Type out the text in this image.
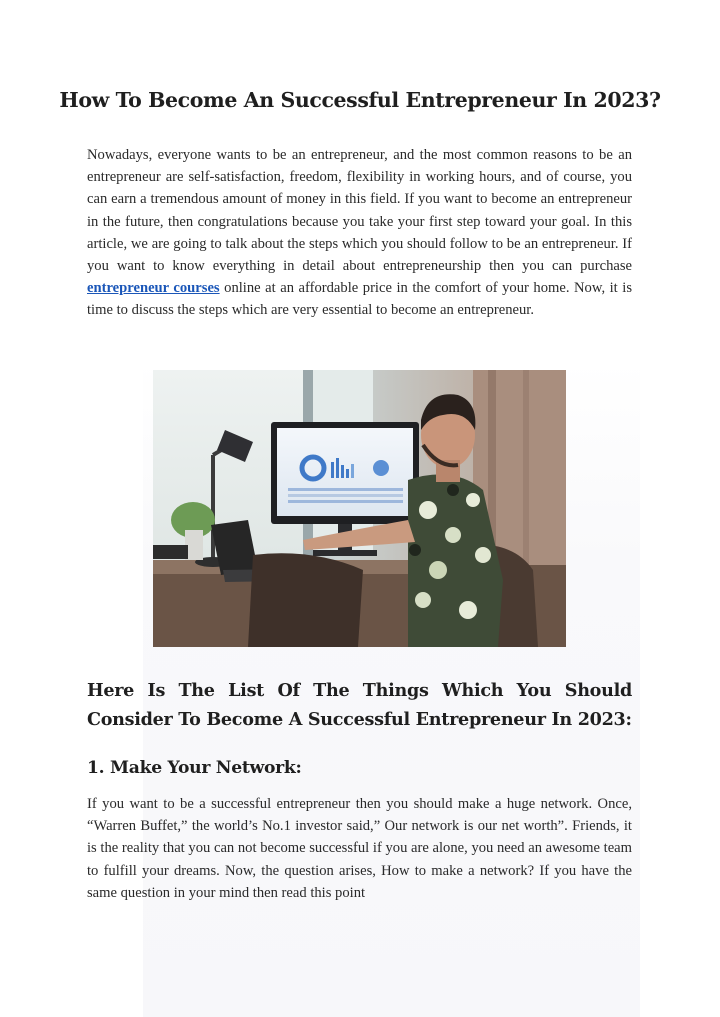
How To Become An Successful Entrepreneur In 2023?

Nowadays, everyone wants to be an entrepreneur, and the most common reasons to be an entrepreneur are self-satisfaction, freedom, flexibility in working hours, and of course, you can earn a tremendous amount of money in this field. If you want to become an entrepreneur in the future, then congratulations because you take your first step toward your goal. In this article, we are going to talk about the steps which you should follow to be an entrepreneur. If you want to know everything in detail about entrepreneurship then you can purchase entrepreneur courses online at an affordable price in the comfort of your home. Now, it is time to discuss the steps which are very essential to become an entrepreneur.

Here Is The List Of The Things Which You Should Consider To Become A Successful Entrepreneur In 2023:
1. Make Your Network:

If you want to be a successful entrepreneur then you should make a huge network. Once, “Warren Buffet,” the world’s No.1 investor said,” Our network is our net worth”. Friends, it is the reality that you can not become successful if you are alone, you need an awesome team to fulfill your dreams. Now, the question arises, How to make a network? If you have the same question in your mind then read this point
